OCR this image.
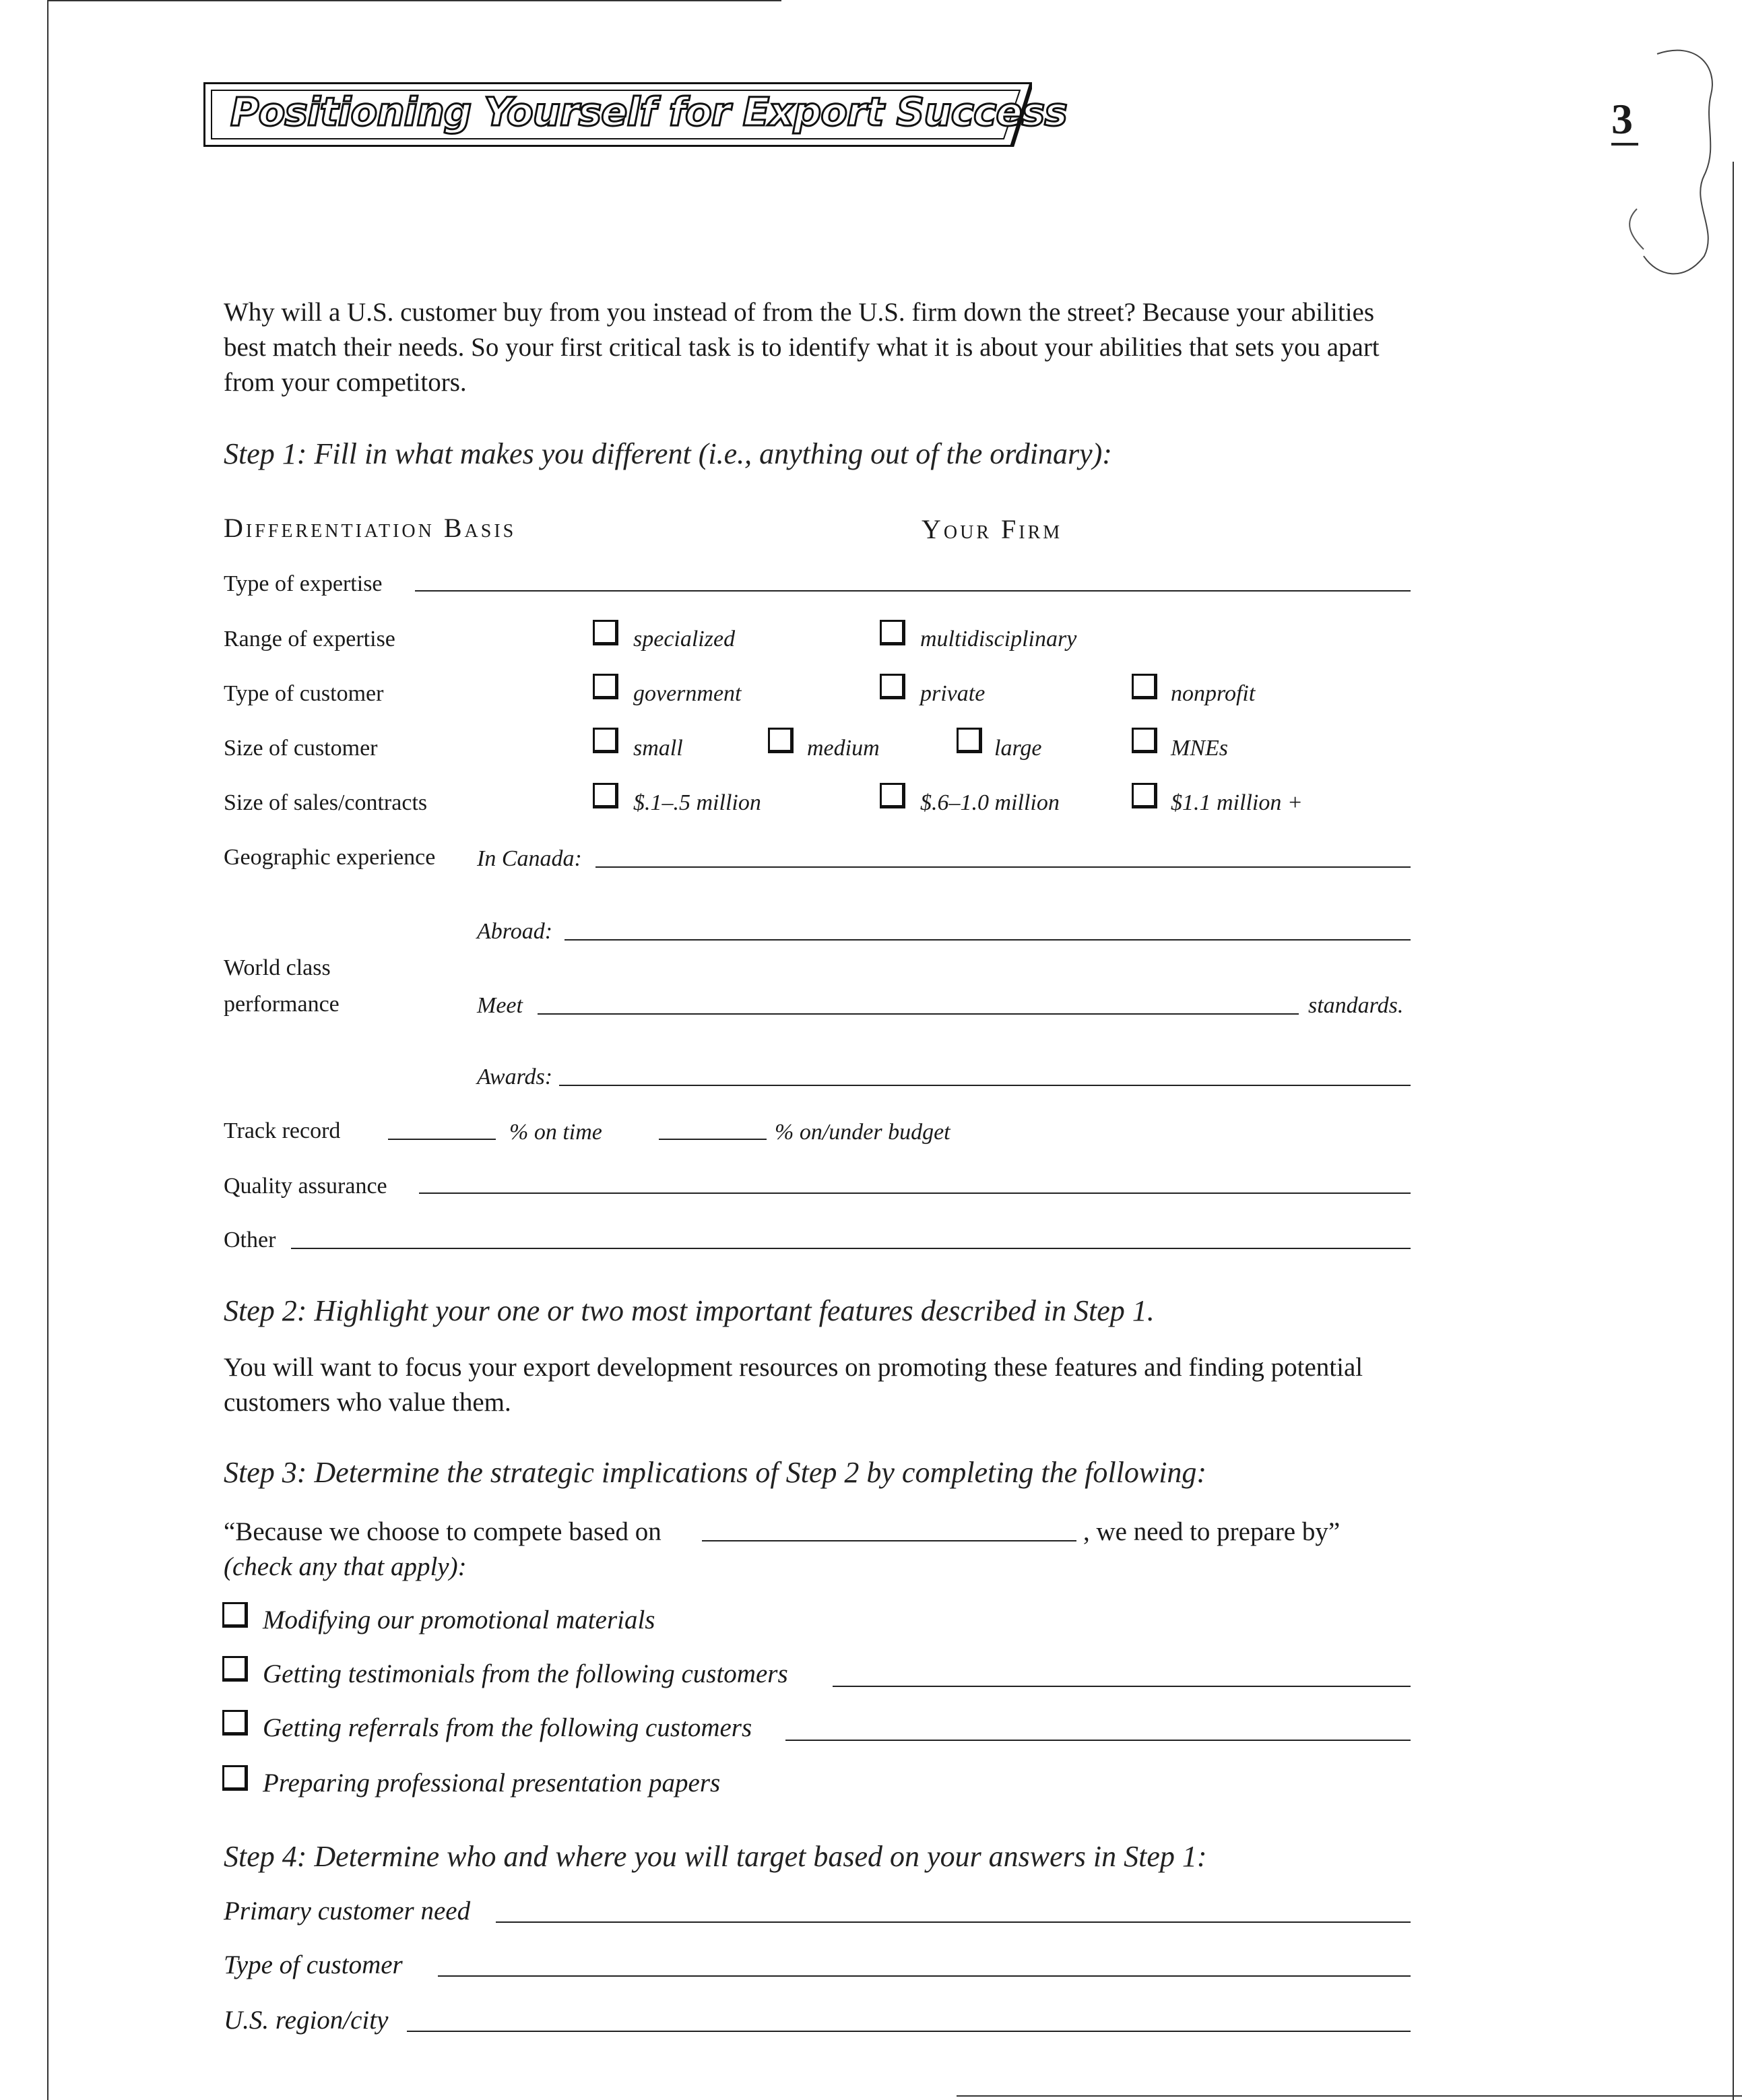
Positioning Yourself for Export Success	3
Why will a U.S. customer buy from you instead of from the U.S. firm down the street? Because your abilities best match their needs. So your first critical task is to identify what it is about your abilities that sets you apart from your competitors.
Step 1: Fill in what makes you different (i.e., anything out of the ordinary):
Differentiation Basis	Your Firm
Type of expertise
Range of expertise	specialized	multidisciplinary
Type of customer	government	private	nonprofit
Size of customer	small	medium	large	MNEs
Size of sales/contracts	$.1–.5 million	$.6–1.0 million	$1.1 million +
Geographic experience In Canada:
Abroad:
World class
performance	Meet	standards.
Awards:
Track record	% on time	% on/under budget
Quality assurance
Other
Step 2: Highlight your one or two most important features described in Step 1.
You will want to focus your export development resources on promoting these features and finding potential customers who value them.
Step 3: Determine the strategic implications of Step 2 by completing the following:
“Because we choose to compete based on	, we need to prepare by”
(check any that apply):
Modifying our promotional materials
Getting testimonials from the following customers
Getting referrals from the following customers
Preparing professional presentation papers
Step 4: Determine who and where you will target based on your answers in Step 1:
Primary customer need
Type of customer
U.S. region/city
